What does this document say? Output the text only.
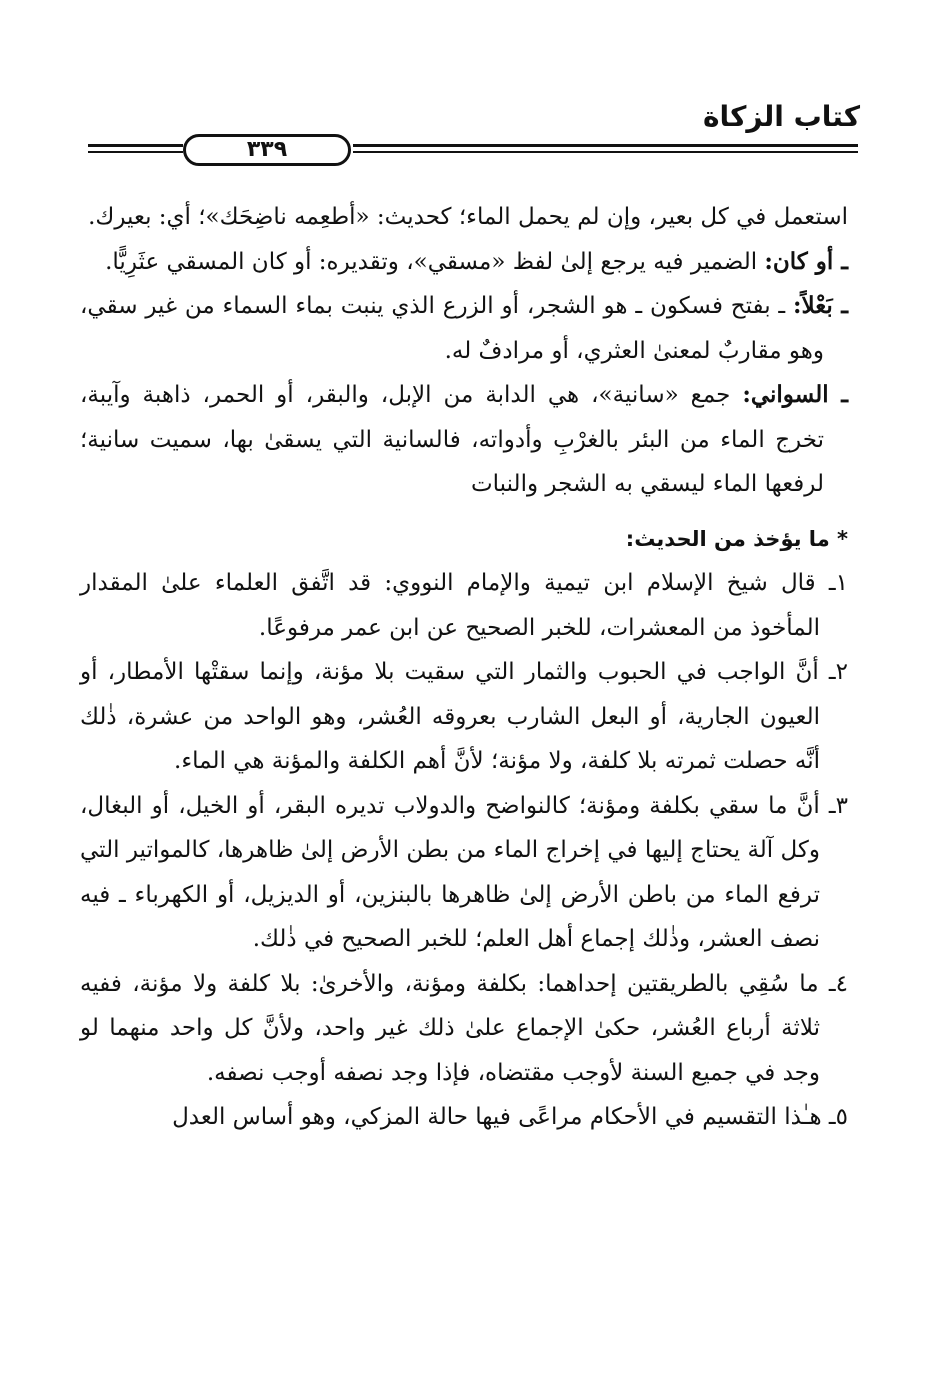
كتاب الزكاة
٣٣٩

استعمل في كل بعير، وإن لم يحمل الماء؛ كحديث: «أطعِمه ناضِحَك»؛ أي: بعيرك.

ـ أو كان: الضمير فيه يرجع إلىٰ لفظ «مسقي»، وتقديره: أو كان المسقي عثَرِيًّا.

ـ بَعْلاً: ـ بفتح فسكون ـ هو الشجر، أو الزرع الذي ينبت بماء السماء من غير سقي، وهو مقاربٌ لمعنىٰ العثري، أو مرادفٌ له.

ـ السواني: جمع «سانية»، هي الدابة من الإبل، والبقر، أو الحمر، ذاهبة وآيبة، تخرج الماء من البئر بالغرْبِ وأدواته، فالسانية التي يسقىٰ بها، سميت سانية؛ لرفعها الماء ليسقي به الشجر والنبات

* ما يؤخذ من الحديث:

١ـ قال شيخ الإسلام ابن تيمية والإمام النووي: قد اتَّفق العلماء علىٰ المقدار المأخوذ من المعشرات، للخبر الصحيح عن ابن عمر مرفوعًا.

٢ـ أنَّ الواجب في الحبوب والثمار التي سقيت بلا مؤنة، وإنما سقتْها الأمطار، أو العيون الجارية، أو البعل الشارب بعروقه العُشر، وهو الواحد من عشرة، ذٰلك أنَّه حصلت ثمرته بلا كلفة، ولا مؤنة؛ لأنَّ أهم الكلفة والمؤنة هي الماء.

٣ـ أنَّ ما سقي بكلفة ومؤنة؛ كالنواضح والدولاب تديره البقر، أو الخيل، أو البغال، وكل آلة يحتاج إليها في إخراج الماء من بطن الأرض إلىٰ ظاهرها، كالمواتير التي ترفع الماء من باطن الأرض إلىٰ ظاهرها بالبنزين، أو الديزيل، أو الكهرباء ـ فيه نصف العشر، وذٰلك إجماع أهل العلم؛ للخبر الصحيح في ذٰلك.

٤ـ ما سُقِي بالطريقتين إحداهما: بكلفة ومؤنة، والأخرىٰ: بلا كلفة ولا مؤنة، ففيه ثلاثة أرباع العُشر، حكىٰ الإجماع علىٰ ذلك غير واحد، ولأنَّ كل واحد منهما لو وجد في جميع السنة لأوجب مقتضاه، فإذا وجد نصفه أوجب نصفه.

٥ـ هـٰذا التقسيم في الأحكام مراعًى فيها حالة المزكي، وهو أساس العدل
